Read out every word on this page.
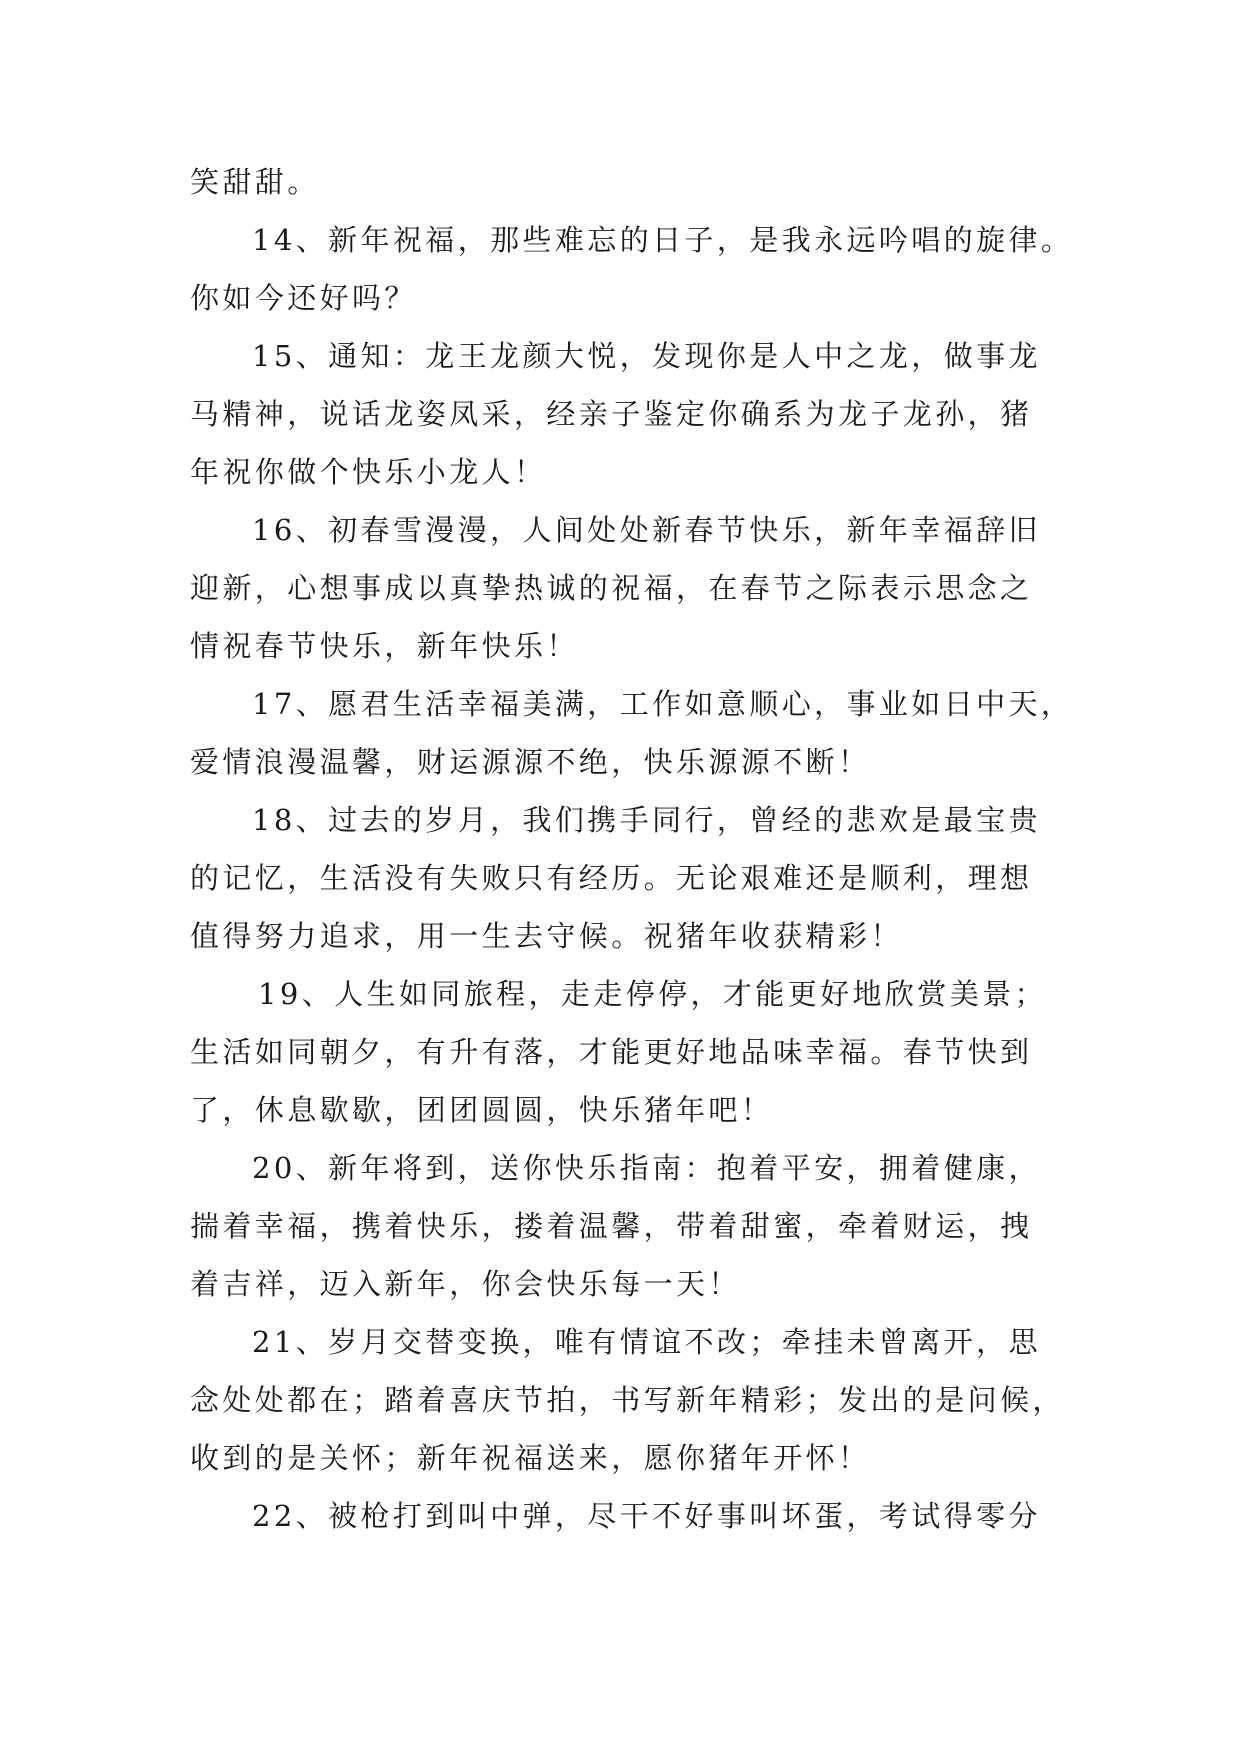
笑甜甜。

14、新年祝福，那些难忘的日子，是我永远吟唱的旋律。

你如今还好吗？

15、通知：龙王龙颜大悦，发现你是人中之龙，做事龙

马精神，说话龙姿凤采，经亲子鉴定你确系为龙子龙孙，猪

年祝你做个快乐小龙人！

16、初春雪漫漫，人间处处新春节快乐，新年幸福辞旧

迎新，心想事成以真挚热诚的祝福，在春节之际表示思念之

情祝春节快乐，新年快乐！

17、愿君生活幸福美满，工作如意顺心，事业如日中天，

爱情浪漫温馨，财运源源不绝，快乐源源不断！

18、过去的岁月，我们携手同行，曾经的悲欢是最宝贵

的记忆，生活没有失败只有经历。无论艰难还是顺利，理想

值得努力追求，用一生去守候。祝猪年收获精彩！

19、人生如同旅程，走走停停，才能更好地欣赏美景；

生活如同朝夕，有升有落，才能更好地品味幸福。春节快到

了，休息歇歇，团团圆圆，快乐猪年吧！

20、新年将到，送你快乐指南：抱着平安，拥着健康，

揣着幸福，携着快乐，搂着温馨，带着甜蜜，牵着财运，拽

着吉祥，迈入新年，你会快乐每一天！

21、岁月交替变换，唯有情谊不改；牵挂未曾离开，思

念处处都在；踏着喜庆节拍，书写新年精彩；发出的是问候，

收到的是关怀；新年祝福送来，愿你猪年开怀！

22、被枪打到叫中弹，尽干不好事叫坏蛋，考试得零分
